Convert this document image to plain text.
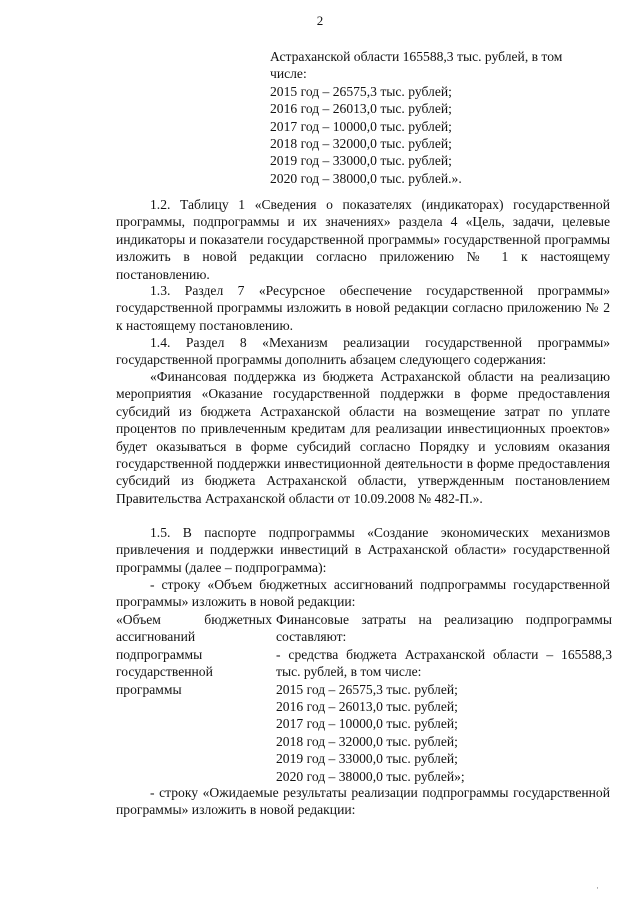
2
Астраханской области 165588,3 тыс. рублей, в том
числе:
2015 год – 26575,3 тыс. рублей;
2016 год – 26013,0 тыс. рублей;
2017 год – 10000,0 тыс. рублей;
2018 год – 32000,0 тыс. рублей;
2019 год – 33000,0 тыс. рублей;
2020 год – 38000,0 тыс. рублей.».
1.2. Таблицу 1 «Сведения о показателях (индикаторах) государственной программы, подпрограммы и их значениях» раздела 4 «Цель, задачи, целевые индикаторы и показатели государственной программы» государственной программы изложить в новой редакции согласно приложению № 1 к настоящему постановлению.
1.3. Раздел 7 «Ресурсное обеспечение государственной программы» государственной программы изложить в новой редакции согласно приложению № 2 к настоящему постановлению.
1.4. Раздел 8 «Механизм реализации государственной программы» государственной программы дополнить абзацем следующего содержания:
«Финансовая поддержка из бюджета Астраханской области на реализацию мероприятия «Оказание государственной поддержки в форме предоставления субсидий из бюджета Астраханской области на возмещение затрат по уплате процентов по привлеченным кредитам для реализации инвестиционных проектов» будет оказываться в форме субсидий согласно Порядку и условиям оказания государственной поддержки инвестиционной деятельности в форме предоставления субсидий из бюджета Астраханской области, утвержденным постановлением Правительства Астраханской области от 10.09.2008 № 482-П.».
1.5. В паспорте подпрограммы «Создание экономических механизмов привлечения и поддержки инвестиций в Астраханской области» государственной программы (далее – подпрограмма):
- строку «Объем бюджетных ассигнований подпрограммы государственной программы» изложить в новой редакции:
«Объем бюджетных ассигнований подпрограммы государственной программы
Финансовые затраты на реализацию подпрограммы составляют:
- средства бюджета Астраханской области – 165588,3 тыс. рублей, в том числе:
2015 год – 26575,3 тыс. рублей;
2016 год – 26013,0 тыс. рублей;
2017 год – 10000,0 тыс. рублей;
2018 год – 32000,0 тыс. рублей;
2019 год – 33000,0 тыс. рублей;
2020 год – 38000,0 тыс. рублей»;
- строку «Ожидаемые результаты реализации подпрограммы государственной программы» изложить в новой редакции:
·
